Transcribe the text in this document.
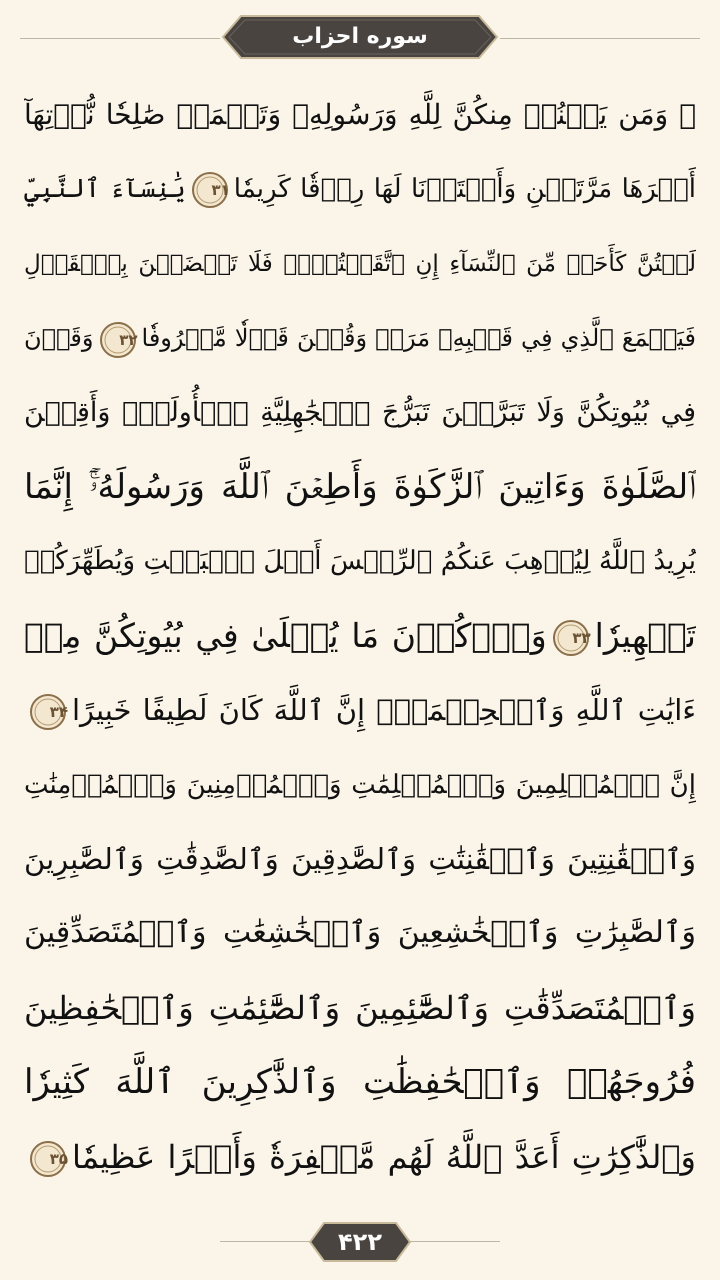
سوره احزاب
۞ وَمَن يَقۡنُتۡ مِنكُنَّ لِلَّهِ وَرَسُولِهِۦ وَتَعۡمَلۡ صَٰلِحٗا نُّؤۡتِهَآ
أَجۡرَهَا مَرَّتَيۡنِ وَأَعۡتَدۡنَا لَهَا رِزۡقٗا كَرِيمٗا
۳۱
يَٰنِسَآءَ ٱلنَّبِيِّ
لَسۡتُنَّ كَأَحَدٖ مِّنَ ٱلنِّسَآءِ إِنِ ٱتَّقَيۡتُنَّۚ فَلَا تَخۡضَعۡنَ بِٱلۡقَوۡلِ
فَيَطۡمَعَ ٱلَّذِي فِي قَلۡبِهِۦ مَرَضٞ وَقُلۡنَ قَوۡلٗا مَّعۡرُوفٗا
۳۲
وَقَرۡنَ
فِي بُيُوتِكُنَّ وَلَا تَبَرَّجۡنَ تَبَرُّجَ ٱلۡجَٰهِلِيَّةِ ٱلۡأُولَىٰۖ وَأَقِمۡنَ
ٱلصَّلَوٰةَ وَءَاتِينَ ٱلزَّكَوٰةَ وَأَطِعۡنَ ٱللَّهَ وَرَسُولَهُۥٓۚ إِنَّمَا
يُرِيدُ ٱللَّهُ لِيُذۡهِبَ عَنكُمُ ٱلرِّجۡسَ أَهۡلَ ٱلۡبَيۡتِ وَيُطَهِّرَكُمۡ
تَطۡهِيرٗا
۳۳
وَٱذۡكُرۡنَ مَا يُتۡلَىٰ فِي بُيُوتِكُنَّ مِنۡ
ءَايَٰتِ ٱللَّهِ وَٱلۡحِكۡمَةِۚ إِنَّ ٱللَّهَ كَانَ لَطِيفًا خَبِيرًا
۳۴
إِنَّ ٱلۡمُسۡلِمِينَ وَٱلۡمُسۡلِمَٰتِ وَٱلۡمُؤۡمِنِينَ وَٱلۡمُؤۡمِنَٰتِ
وَٱلۡقَٰنِتِينَ وَٱلۡقَٰنِتَٰتِ وَٱلصَّٰدِقِينَ وَٱلصَّٰدِقَٰتِ وَٱلصَّٰبِرِينَ
وَٱلصَّٰبِرَٰتِ وَٱلۡخَٰشِعِينَ وَٱلۡخَٰشِعَٰتِ وَٱلۡمُتَصَدِّقِينَ
وَٱلۡمُتَصَدِّقَٰتِ وَٱلصَّٰٓئِمِينَ وَٱلصَّٰٓئِمَٰتِ وَٱلۡحَٰفِظِينَ
فُرُوجَهُمۡ وَٱلۡحَٰفِظَٰتِ وَٱلذَّٰكِرِينَ ٱللَّهَ كَثِيرٗا
وَٱلذَّٰكِرَٰتِ أَعَدَّ ٱللَّهُ لَهُم مَّغۡفِرَةٗ وَأَجۡرًا عَظِيمٗا
۳۵
۴۲۲
